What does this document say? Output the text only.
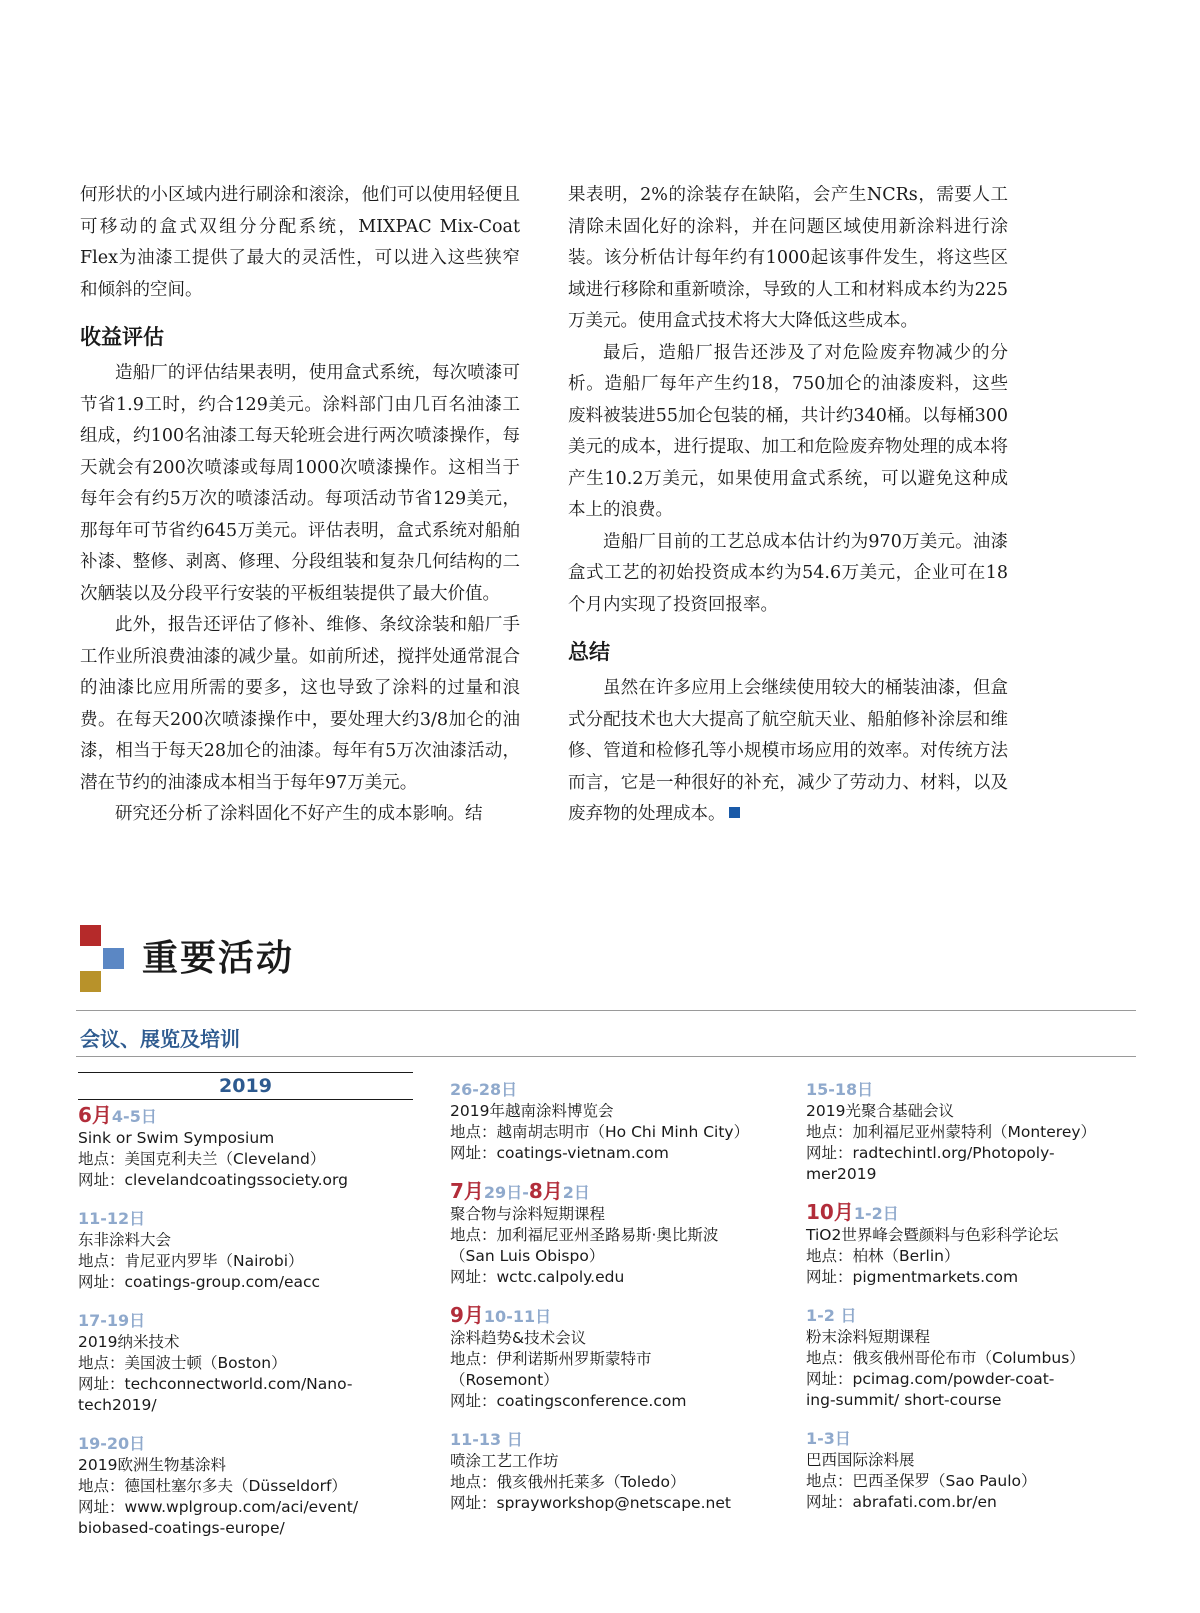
何形状的小区域内进行刷涂和滚涂，他们可以使用轻便且可移动的盒式双组分分配系统，MIXPAC Mix-Coat Flex为油漆工提供了最大的灵活性，可以进入这些狭窄和倾斜的空间。

收益评估

造船厂的评估结果表明，使用盒式系统，每次喷漆可节省1.9工时，约合129美元。涂料部门由几百名油漆工组成，约100名油漆工每天轮班会进行两次喷漆操作，每天就会有200次喷漆或每周1000次喷漆操作。这相当于每年会有约5万次的喷漆活动。每项活动节省129美元，那每年可节省约645万美元。评估表明，盒式系统对船舶补漆、整修、剥离、修理、分段组装和复杂几何结构的二次舾装以及分段平行安装的平板组装提供了最大价值。

此外，报告还评估了修补、维修、条纹涂装和船厂手工作业所浪费油漆的减少量。如前所述，搅拌处通常混合的油漆比应用所需的要多，这也导致了涂料的过量和浪费。在每天200次喷漆操作中，要处理大约3/8加仑的油漆，相当于每天28加仑的油漆。每年有5万次油漆活动，潜在节约的油漆成本相当于每年97万美元。

研究还分析了涂料固化不好产生的成本影响。结

果表明，2%的涂装存在缺陷，会产生NCRs，需要人工清除未固化好的涂料，并在问题区域使用新涂料进行涂装。该分析估计每年约有1000起该事件发生，将这些区域进行移除和重新喷涂，导致的人工和材料成本约为225万美元。使用盒式技术将大大降低这些成本。

最后，造船厂报告还涉及了对危险废弃物减少的分析。造船厂每年产生约18，750加仑的油漆废料，这些废料被装进55加仑包装的桶，共计约340桶。以每桶300美元的成本，进行提取、加工和危险废弃物处理的成本将产生10.2万美元，如果使用盒式系统，可以避免这种成本上的浪费。

造船厂目前的工艺总成本估计约为970万美元。油漆盒式工艺的初始投资成本约为54.6万美元，企业可在18个月内实现了投资回报率。

总结

虽然在许多应用上会继续使用较大的桶装油漆，但盒式分配技术也大大提高了航空航天业、船舶修补涂层和维修、管道和检修孔等小规模市场应用的效率。对传统方法而言，它是一种很好的补充，减少了劳动力、材料，以及废弃物的处理成本。

重要活动
会议、展览及培训
2019
6月4-5日
Sink or Swim Symposium
地点：美国克利夫兰（Cleveland）
网址：clevelandcoatingssociety.org
11-12日
东非涂料大会
地点：肯尼亚内罗毕（Nairobi）
网址：coatings-group.com/eacc
17-19日
2019纳米技术
地点：美国波士顿（Boston）
网址：techconnectworld.com/Nano-
tech2019/
19-20日
2019欧洲生物基涂料
地点：德国杜塞尔多夫（Düsseldorf）
网址：www.wplgroup.com/aci/event/
biobased-coatings-europe/
26-28日
2019年越南涂料博览会
地点：越南胡志明市（Ho Chi Minh City）
网址：coatings-vietnam.com
7月29日-8月2日
聚合物与涂料短期课程
地点：加利福尼亚州圣路易斯·奥比斯波
（San Luis Obispo）
网址：wctc.calpoly.edu
9月10-11日
涂料趋势&技术会议
地点：伊利诺斯州罗斯蒙特市
（Rosemont）
网址：coatingsconference.com
11-13 日
喷涂工艺工作坊
地点：俄亥俄州托莱多（Toledo）
网址：sprayworkshop@netscape.net
15-18日
2019光聚合基础会议
地点：加利福尼亚州蒙特利（Monterey）
网址：radtechintl.org/Photopoly-
mer2019
10月1-2日
TiO2世界峰会暨颜料与色彩科学论坛
地点：柏林（Berlin）
网址：pigmentmarkets.com
1-2 日
粉末涂料短期课程
地点：俄亥俄州哥伦布市（Columbus）
网址：pcimag.com/powder-coat-
ing-summit/ short-course
1-3日
巴西国际涂料展
地点：巴西圣保罗（Sao Paulo）
网址：abrafati.com.br/en
